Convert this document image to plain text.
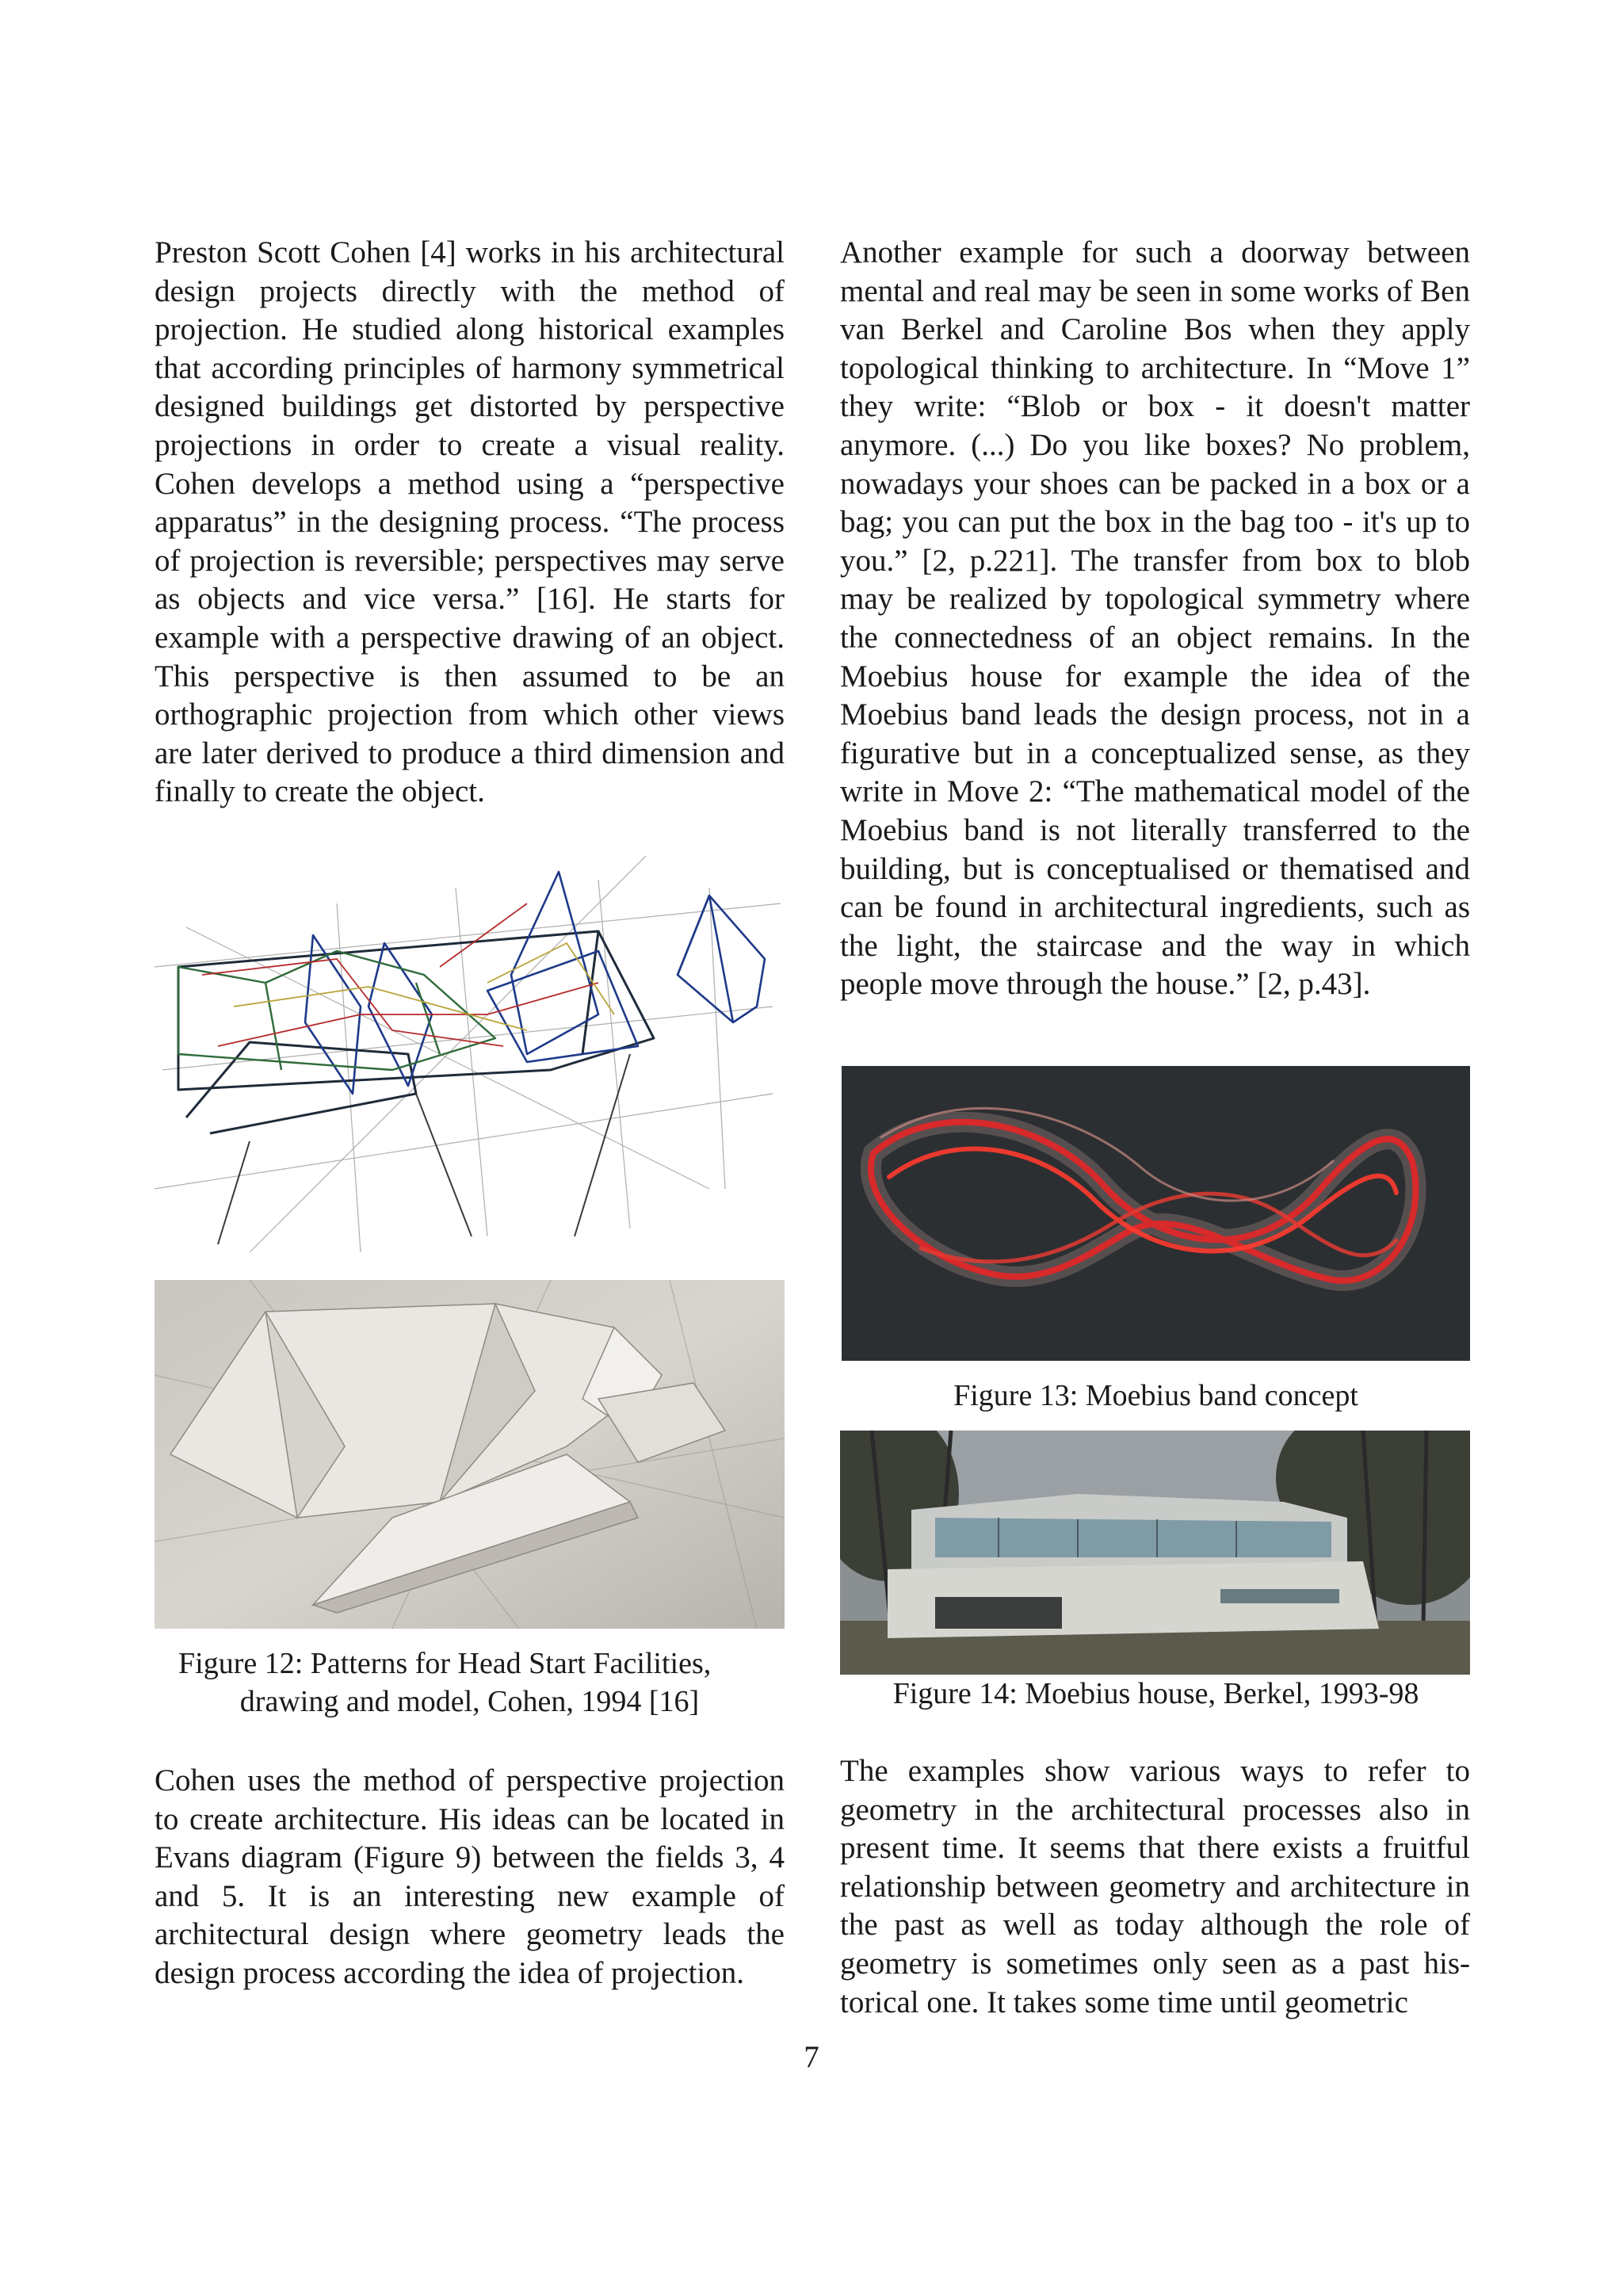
Preston Scott Cohen [4] works in his architectural design projects directly with the method of projection. He studied along historical examples that according principles of harmony symmetrical designed buildings get distorted by perspective projections in order to create a visual reality. Cohen develops a method using a “perspective apparatus” in the designing process. “The process of projection is reversible; perspectives may serve as objects and vice versa.” [16]. He starts for example with a perspective drawing of an object. This perspective is then assumed to be an orthographic projection from which other views are later derived to produce a third dimension and finally to create the object.

Figure 12: Patterns for Head Start Facilities,
drawing and model, Cohen, 1994 [16]

Cohen uses the method of perspective projection to create architecture. His ideas can be located in Evans diagram (Figure 9) between the fields 3, 4 and 5. It is an interesting new example of architectural design where geometry leads the design process according the idea of projection.

Another example for such a doorway between mental and real may be seen in some works of Ben van Berkel and Caroline Bos when they apply topological thinking to architecture. In “Move 1” they write: “Blob or box - it doesn't matter anymore. (...) Do you like boxes? No problem, nowadays your shoes can be packed in a box or a bag; you can put the box in the bag too - it's up to you.” [2, p.221]. The transfer from box to blob may be realized by topological symmetry where the connectedness of an object remains. In the Moebius house for example the idea of the Moebius band leads the design process, not in a figurative but in a conceptualized sense, as they write in Move 2: “The mathematical model of the Moebius band is not literally transferred to the building, but is conceptualised or thematised and can be found in architectural ingredients, such as the light, the staircase and the way in which people move through the house.” [2, p.43].

Figure 13: Moebius band concept
Figure 14: Moebius house, Berkel, 1993-98

The examples show various ways to refer to geometry in the architectural processes also in present time. It seems that there exists a fruitful relationship between geometry and architecture in the past as well as today although the role of geometry is sometimes only seen as a past historical one. It takes some time until geometric

7
